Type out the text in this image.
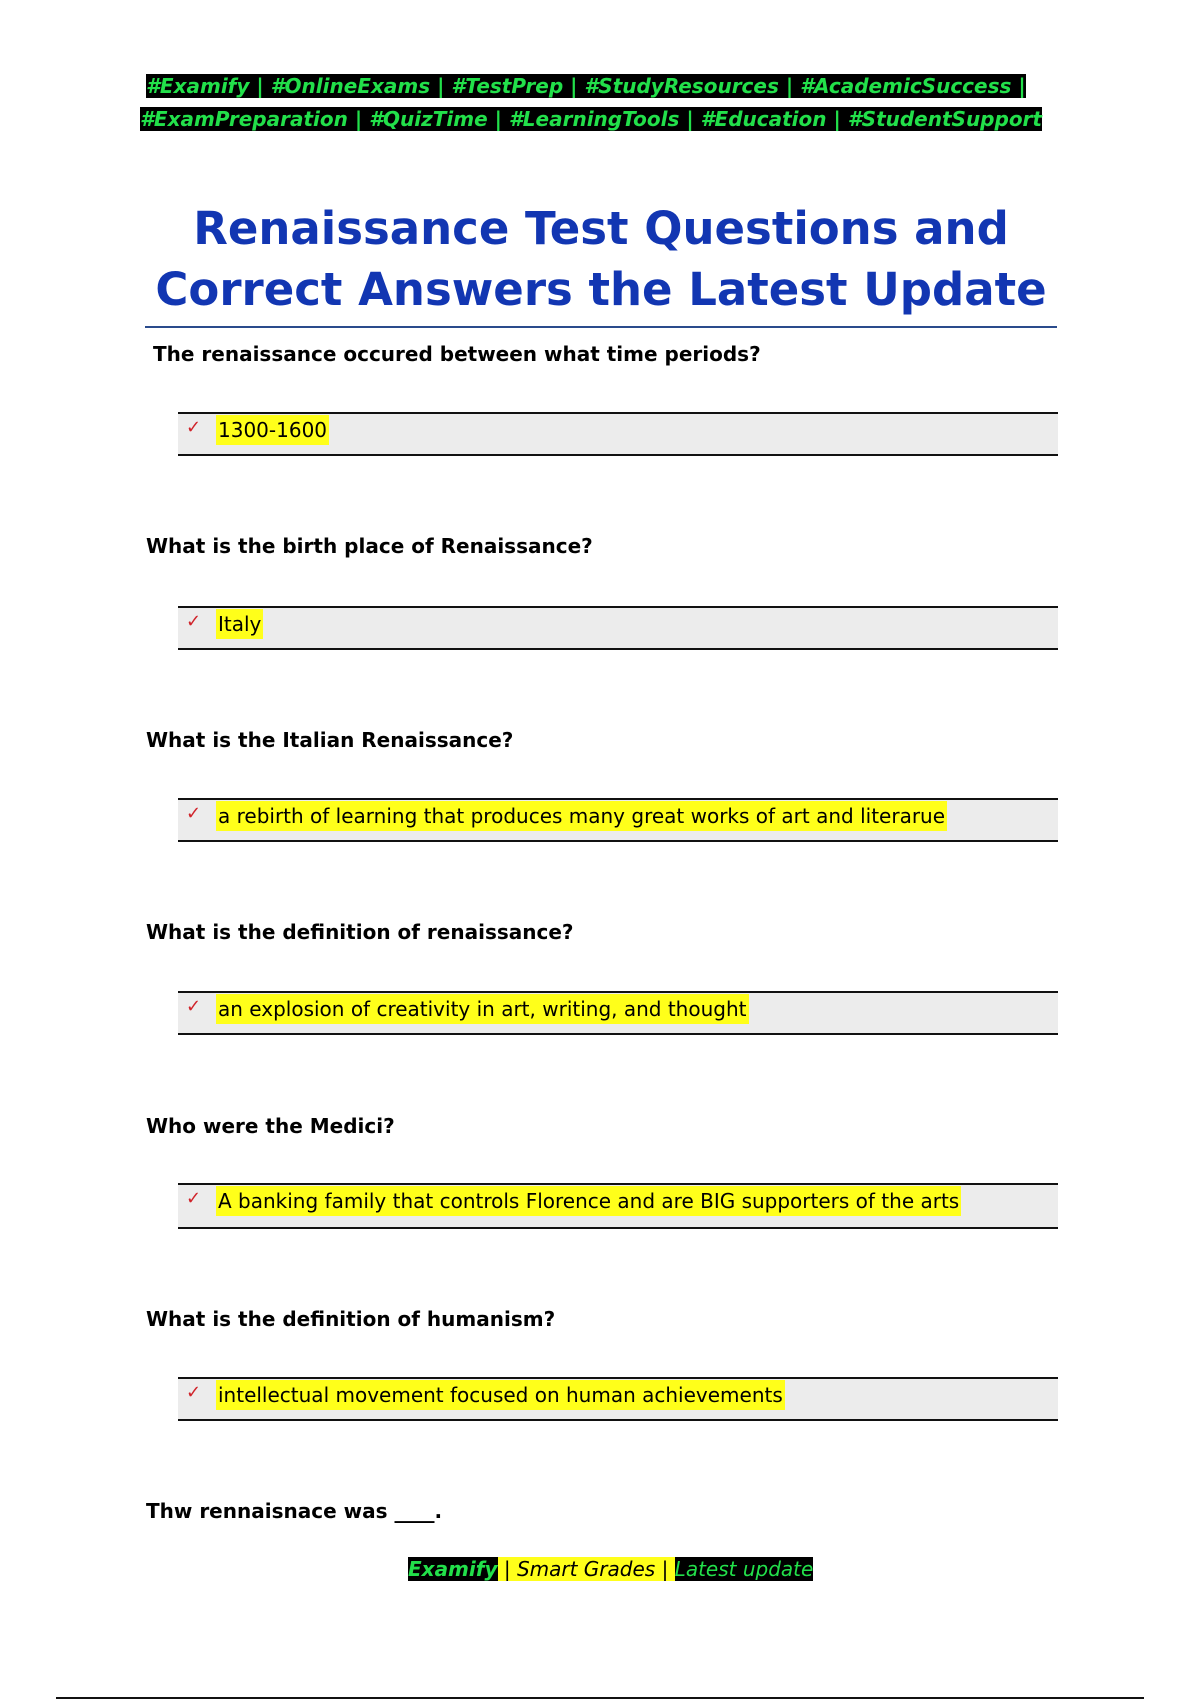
#Examify | #OnlineExams | #TestPrep | #StudyResources | #AcademicSuccess |
#ExamPreparation | #QuizTime | #LearningTools | #Education | #StudentSupport
Renaissance Test Questions and
Correct Answers the Latest Update
The renaissance occured between what time periods?
✓ 1300-1600
What is the birth place of Renaissance?
✓ Italy
What is the Italian Renaissance?
✓ a rebirth of learning that produces many great works of art and literarue
What is the definition of renaissance?
✓ an explosion of creativity in art, writing, and thought
Who were the Medici?
✓ A banking family that controls Florence and are BIG supporters of the arts
What is the definition of humanism?
✓ intellectual movement focused on human achievements
Thw rennaisnace was ____.
Examify | Smart Grades | Latest update
